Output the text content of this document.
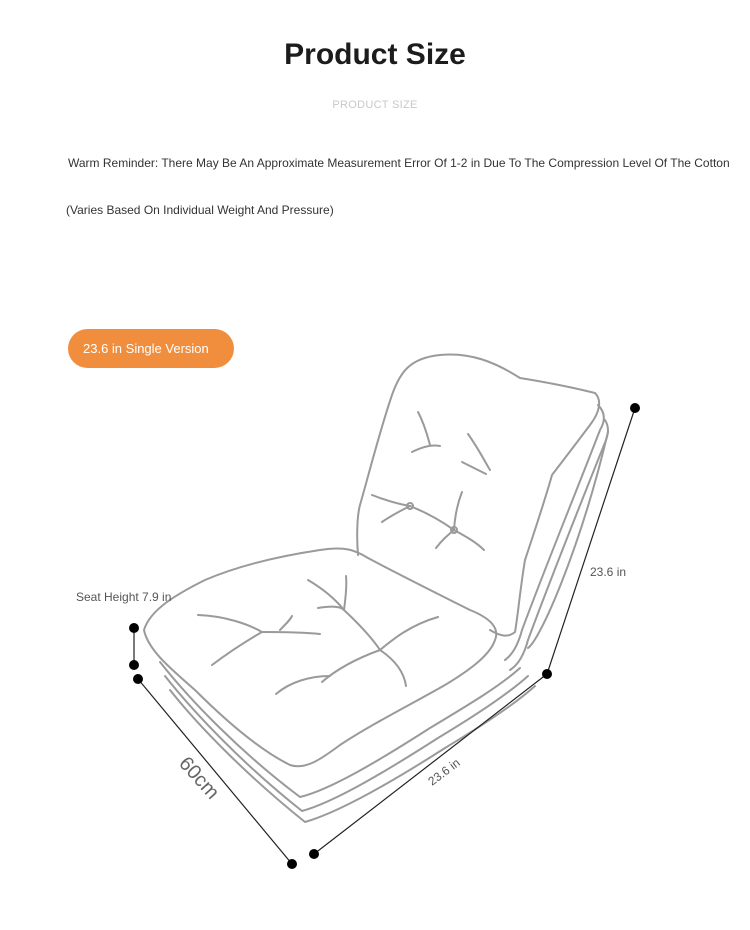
Product Size
PRODUCT SIZE
Warm Reminder: There May Be An Approximate Measurement Error Of 1-2 in Due To The Compression Level Of The Cotton
(Varies Based On Individual Weight And Pressure)
23.6 in Single Version
Seat Height 7.9 in
23.6 in
23.6 in
60cm
